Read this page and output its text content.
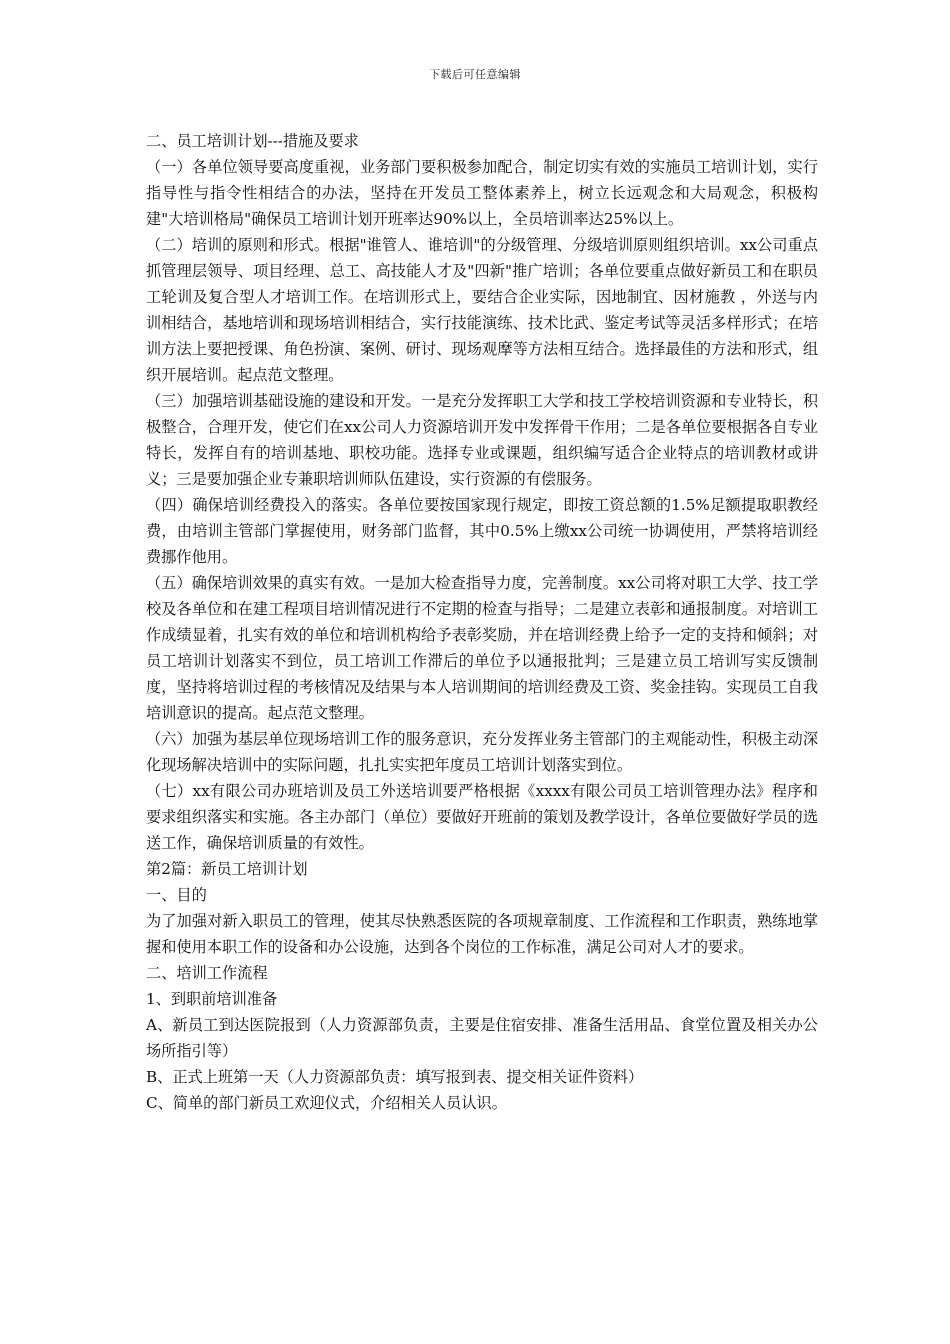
下载后可任意编辑

二、员工培训计划---措施及要求

（一）各单位领导要高度重视，业务部门要积极参加配合，制定切实有效的实施员工培训计划，实行指导性与指令性相结合的办法，坚持在开发员工整体素养上，树立长远观念和大局观念，积极构建"大培训格局"确保员工培训计划开班率达90%以上，全员培训率达25%以上。

（二）培训的原则和形式。根据"谁管人、谁培训"的分级管理、分级培训原则组织培训。xx公司重点抓管理层领导、项目经理、总工、高技能人才及"四新"推广培训；各单位要重点做好新员工和在职员工轮训及复合型人才培训工作。在培训形式上，要结合企业实际，因地制宜、因材施教 ，外送与内训相结合，基地培训和现场培训相结合，实行技能演练、技术比武、鉴定考试等灵活多样形式；在培训方法上要把授课、角色扮演、案例、研讨、现场观摩等方法相互结合。选择最佳的方法和形式，组织开展培训。起点范文整理。

（三）加强培训基础设施的建设和开发。一是充分发挥职工大学和技工学校培训资源和专业特长，积极整合，合理开发，使它们在xx公司人力资源培训开发中发挥骨干作用；二是各单位要根据各自专业特长，发挥自有的培训基地、职校功能。选择专业或课题，组织编写适合企业特点的培训教材或讲义；三是要加强企业专兼职培训师队伍建设，实行资源的有偿服务。

（四）确保培训经费投入的落实。各单位要按国家现行规定，即按工资总额的1.5%足额提取职教经费，由培训主管部门掌握使用，财务部门监督，其中0.5%上缴xx公司统一协调使用，严禁将培训经费挪作他用。

（五）确保培训效果的真实有效。一是加大检查指导力度，完善制度。xx公司将对职工大学、技工学校及各单位和在建工程项目培训情况进行不定期的检查与指导；二是建立表彰和通报制度。对培训工作成绩显着，扎实有效的单位和培训机构给予表彰奖励，并在培训经费上给予一定的支持和倾斜；对员工培训计划落实不到位，员工培训工作滞后的单位予以通报批判；三是建立员工培训写实反馈制度，坚持将培训过程的考核情况及结果与本人培训期间的培训经费及工资、奖金挂钩。实现员工自我培训意识的提高。起点范文整理。

（六）加强为基层单位现场培训工作的服务意识，充分发挥业务主管部门的主观能动性，积极主动深化现场解决培训中的实际问题，扎扎实实把年度员工培训计划落实到位。

（七）xx有限公司办班培训及员工外送培训要严格根据《xxxx有限公司员工培训管理办法》程序和要求组织落实和实施。各主办部门（单位）要做好开班前的策划及教学设计，各单位要做好学员的选送工作，确保培训质量的有效性。

第2篇：新员工培训计划

一、目的

为了加强对新入职员工的管理，使其尽快熟悉医院的各项规章制度、工作流程和工作职责，熟练地掌握和使用本职工作的设备和办公设施，达到各个岗位的工作标准，满足公司对人才的要求。

二、培训工作流程

1、到职前培训准备

A、新员工到达医院报到（人力资源部负责，主要是住宿安排、准备生活用品、食堂位置及相关办公场所指引等）

B、正式上班第一天（人力资源部负责：填写报到表、提交相关证件资料）

C、简单的部门新员工欢迎仪式，介绍相关人员认识。
